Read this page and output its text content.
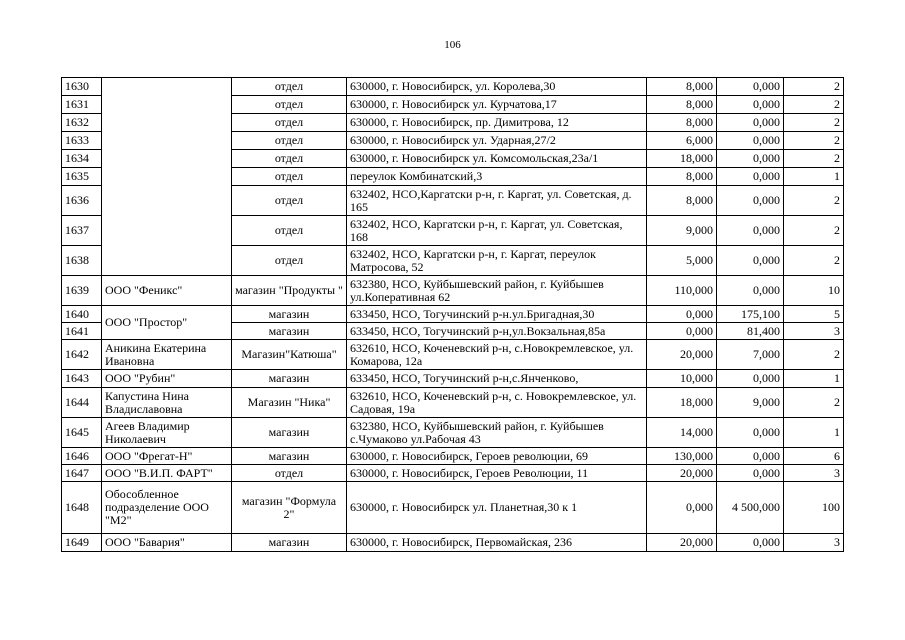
106
1630		отдел	630000, г. Новосибирск, ул. Королева,30	8,000	0,000	2
1631		отдел	630000, г. Новосибирск ул. Курчатова,17	8,000	0,000	2
1632		отдел	630000, г. Новосибирск, пр. Димитрова, 12	8,000	0,000	2
1633		отдел	630000, г. Новосибирск ул. Ударная,27/2	6,000	0,000	2
1634		отдел	630000, г. Новосибирск ул. Комсомольская,23а/1	18,000	0,000	2
1635		отдел	переулок Комбинатский,3	8,000	0,000	1
1636		отдел	632402, НСО,Каргатски р-н, г. Каргат, ул. Советская, д. 165	8,000	0,000	2
1637		отдел	632402, НСО, Каргатски р-н, г. Каргат, ул. Советская, 168	9,000	0,000	2
1638		отдел	632402, НСО, Каргатски р-н, г. Каргат, переулок Матросова, 52	5,000	0,000	2
1639	ООО "Феникс"	магазин "Продукты "	632380, НСО, Куйбышевский район, г. Куйбышев ул.Коперативная 62	110,000	0,000	10
1640	ООО "Простор"	магазин	633450, НСО, Тогучинский р-н.ул.Бригадная,30	0,000	175,100	5
1641		магазин	633450, НСО, Тогучинский р-н,ул.Вокзальная,85а	0,000	81,400	3
1642	Аникина Екатерина Ивановна	Магазин"Катюша"	632610, НСО, Коченевский р-н, с.Новокремлевское, ул. Комарова, 12а	20,000	7,000	2
1643	ООО "Рубин"	магазин	633450, НСО, Тогучинский р-н,с.Янченково,	10,000	0,000	1
1644	Капустина Нина Владиславовна	Магазин "Ника"	632610, НСО, Коченевский р-н, с. Новокремлевское, ул. Садовая, 19а	18,000	9,000	2
1645	Агеев Владимир Николаевич	магазин	632380, НСО, Куйбышевский район, г. Куйбышев с.Чумаково ул.Рабочая 43	14,000	0,000	1
1646	ООО "Фрегат-Н"	магазин	630000, г. Новосибирск, Героев революции, 69	130,000	0,000	6
1647	ООО "В.И.П. ФАРТ"	отдел	630000, г. Новосибирск, Героев Революции, 11	20,000	0,000	3
1648	Обособленное подразделение ООО "М2"	магазин "Формула 2"	630000, г. Новосибирск ул. Планетная,30 к 1	0,000	4 500,000	100
1649	ООО "Бавария"	магазин	630000, г. Новосибирск, Первомайская, 236	20,000	0,000	3
